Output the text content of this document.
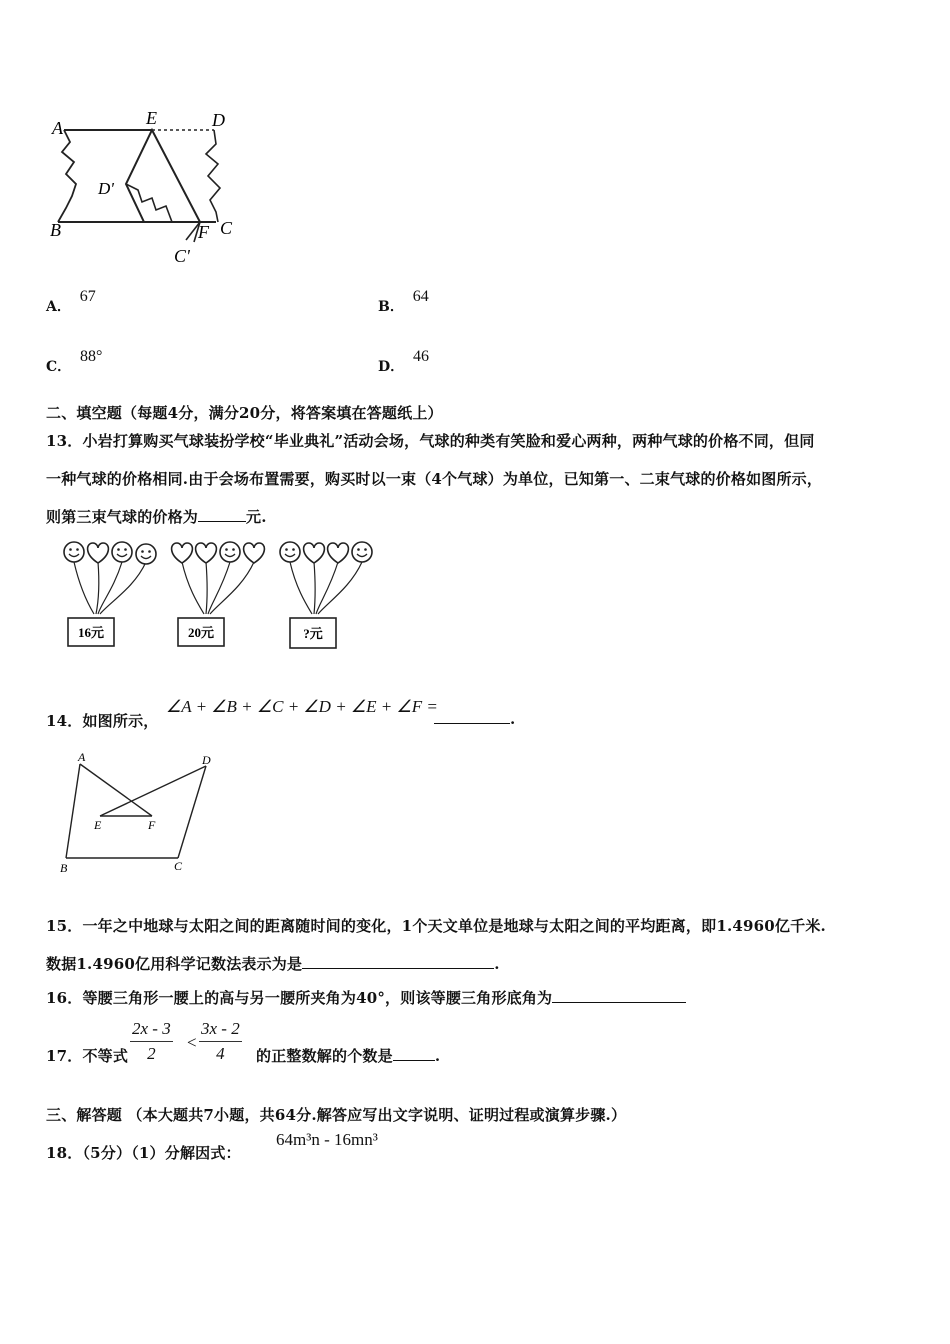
A	E	D
D'
B	F C
C'
A． 67
B． 64
C． 88°
D． 46
二、填空题（每题4分，满分20分，将答案填在答题纸上）
13．小岩打算购买气球装扮学校“毕业典礼”活动会场，气球的种类有笑脸和爱心两种，两种气球的价格不同，但同
一种气球的价格相同.由于会场布置需要，购买时以一束（4个气球）为单位，已知第一、二束气球的价格如图所示，
则第三束气球的价格为	元.
16元	20元	?元
14．如图所示，
∠A + ∠B + ∠C + ∠D + ∠E + ∠F =
.
A	D
E	F
B	C
15．一年之中地球与太阳之间的距离随时间的变化，1个天文单位是地球与太阳之间的平均距离，即1.4960亿千米.
数据1.4960亿用科学记数法表示为是	.
16．等腰三角形一腰上的高与另一腰所夹角为40°，则该等腰三角形底角为
17．不等式 $\frac{2x - 3}{2} < \frac{3x - 2}{4}$ 的正整数解的个数是	.
三、解答题 （本大题共7小题，共64分.解答应写出文字说明、证明过程或演算步骤.）
18．（5分）（1）分解因式：
64m³n - 16mn³
